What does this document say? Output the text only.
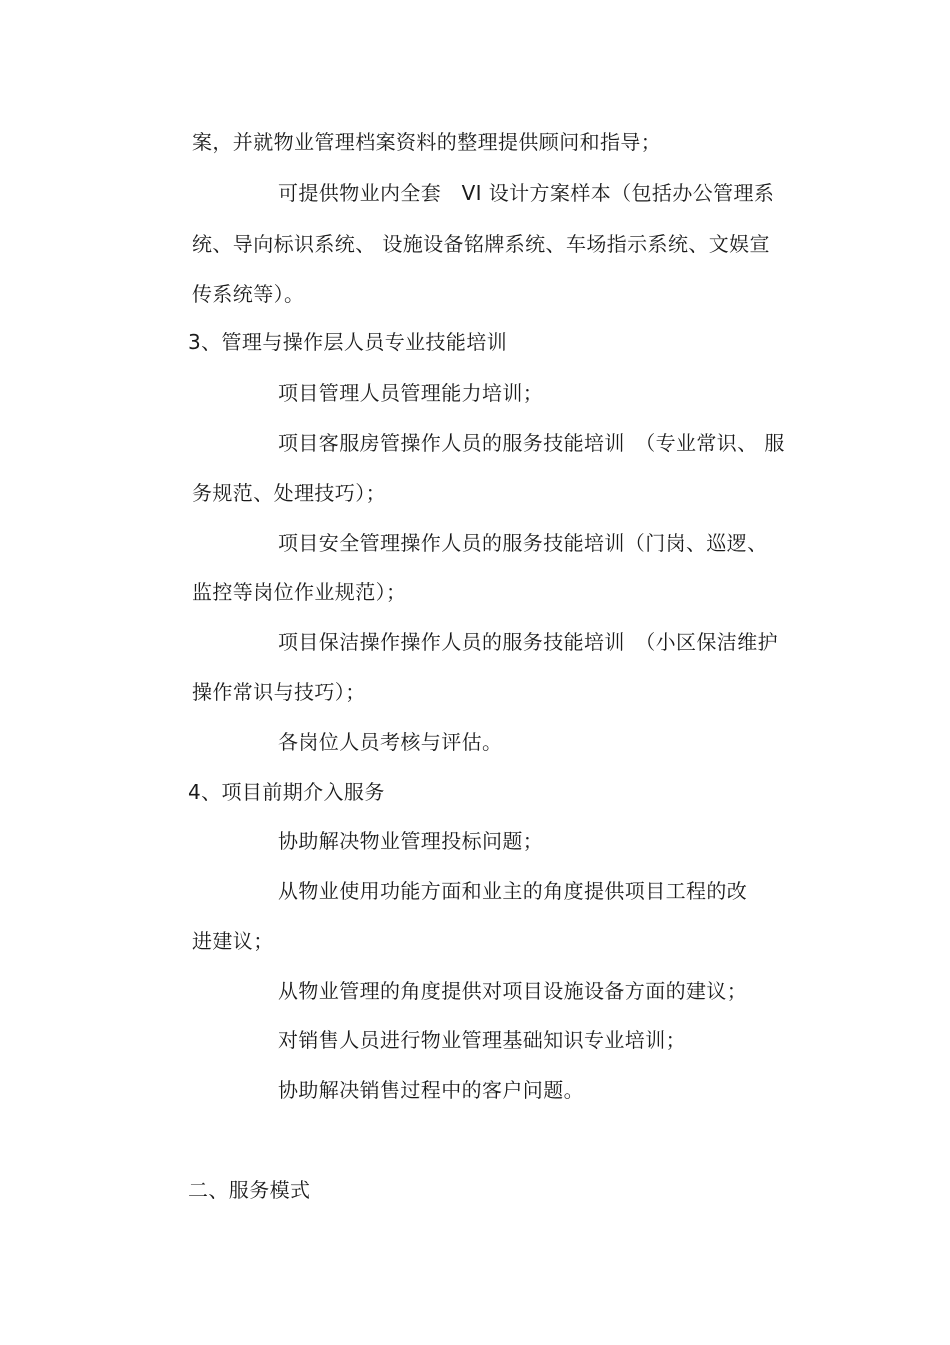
案，并就物业管理档案资料的整理提供顾问和指导；
可提供物业内全套　VI 设计方案样本（包括办公管理系
统、导向标识系统、 设施设备铭牌系统、车场指示系统、文娱宣
传系统等）。
3、管理与操作层人员专业技能培训
项目管理人员管理能力培训；
项目客服房管操作人员的服务技能培训　（专业常识、 服
务规范、处理技巧）；
项目安全管理操作人员的服务技能培训（门岗、巡逻、
监控等岗位作业规范）；
项目保洁操作操作人员的服务技能培训　（小区保洁维护
操作常识与技巧）；
各岗位人员考核与评估。
4、项目前期介入服务
协助解决物业管理投标问题；
从物业使用功能方面和业主的角度提供项目工程的改
进建议；
从物业管理的角度提供对项目设施设备方面的建议；
对销售人员进行物业管理基础知识专业培训；
协助解决销售过程中的客户问题。
二、服务模式
